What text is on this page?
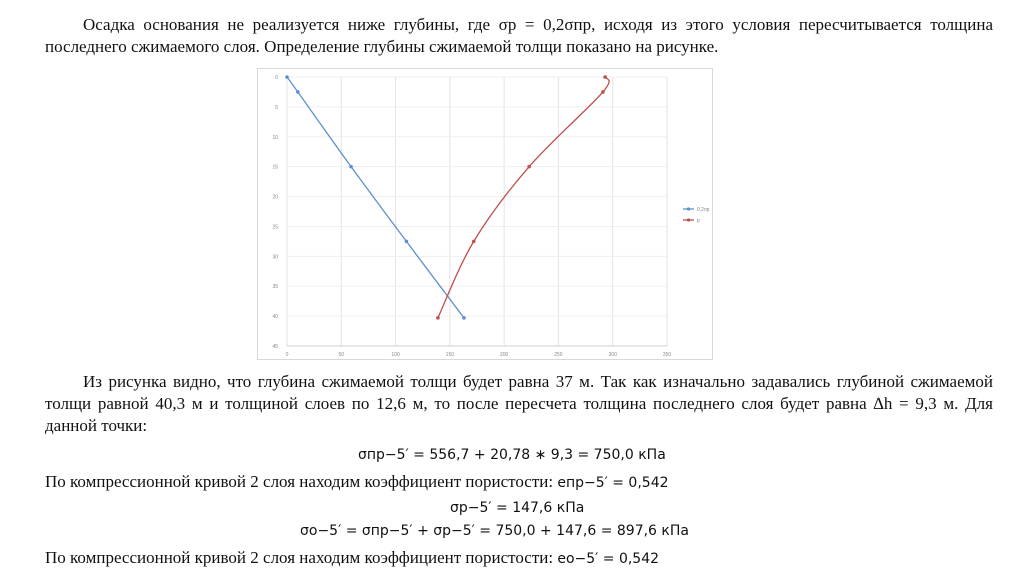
Осадка основания не реализуется ниже глубины, где σр = 0,2σпр, исходя из этого условия пересчитывается толщина последнего сжимаемого слоя. Определение глубины сжимаемой толщи показано на рисунке.
0	50	100	150	200	250	300	350
0
5
10
15
20
25
30
35
40
45
0,2пр
р
Из рисунка видно, что глубина сжимаемой толщи будет равна 37 м. Так как изначально задавались глубиной сжимаемой толщи равной 40,3 м и толщиной слоев по 12,6 м, то после пересчета толщина последнего слоя будет равна ∆h = 9,3 м. Для данной точки:
σпр−5′ = 556,7 + 20,78 ∗ 9,3 = 750,0 кПа
По компрессионной кривой 2 слоя находим коэффициент пористости: eпр−5′ = 0,542
σр−5′ = 147,6 кПа
σо−5′ = σпр−5′ + σр−5′ = 750,0 + 147,6 = 897,6 кПа
По компрессионной кривой 2 слоя находим коэффициент пористости: eо−5′ = 0,542
